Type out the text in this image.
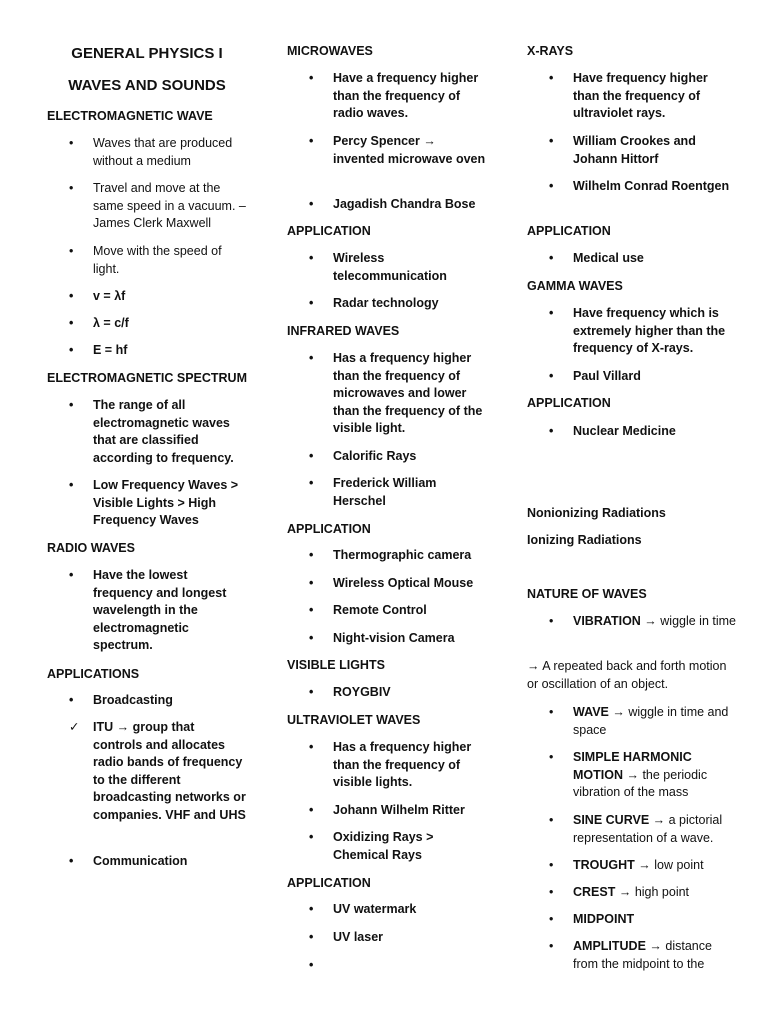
GENERAL PHYSICS I
WAVES AND SOUNDS
ELECTROMAGNETIC WAVE
•	Waves that are produced without a medium
•	Travel and move at the same speed in a vacuum. – James Clerk Maxwell
•	Move with the speed of light.
•	v = λf
•	λ = c/f
•	E = hf
ELECTROMAGNETIC SPECTRUM
•	The range of all electromagnetic waves that are classified according to frequency.
•	Low Frequency Waves > Visible Lights > High Frequency Waves
RADIO WAVES
•	Have the lowest frequency and longest wavelength in the electromagnetic spectrum.
APPLICATIONS
•	Broadcasting
✓ ITU → group that controls and allocates radio bands of frequency to the different broadcasting networks or companies. VHF and UHS
•	Communication
MICROWAVES
•	Have a frequency higher than the frequency of radio waves.
•	Percy Spencer → invented microwave oven
•	Jagadish Chandra Bose
APPLICATION
•	Wireless telecommunication
•	Radar technology
INFRARED WAVES
•	Has a frequency higher than the frequency of microwaves and lower than the frequency of the visible light.
•	Calorific Rays
•	Frederick William Herschel
APPLICATION
•	Thermographic camera
•	Wireless Optical Mouse
•	Remote Control
•	Night-vision Camera
VISIBLE LIGHTS
•	ROYGBIV
ULTRAVIOLET WAVES
•	Has a frequency higher than the frequency of visible lights.
•	Johann Wilhelm Ritter
•	Oxidizing Rays > Chemical Rays
APPLICATION
•	UV watermark
•	UV laser
•
X-RAYS
•	Have frequency higher than the frequency of ultraviolet rays.
•	William Crookes and Johann Hittorf
•	Wilhelm Conrad Roentgen
APPLICATION
•	Medical use
GAMMA WAVES
•	Have frequency which is extremely higher than the frequency of X-rays.
•	Paul Villard
APPLICATION
•	Nuclear Medicine
Nonionizing Radiations
Ionizing Radiations
NATURE OF WAVES
•	VIBRATION → wiggle in time
→ A repeated back and forth motion or oscillation of an object.
•	WAVE → wiggle in time and space
•	SIMPLE HARMONIC MOTION → the periodic vibration of the mass
•	SINE CURVE → a pictorial representation of a wave.
•	TROUGHT → low point
•	CREST → high point
•	MIDPOINT
•	AMPLITUDE → distance from the midpoint to the
